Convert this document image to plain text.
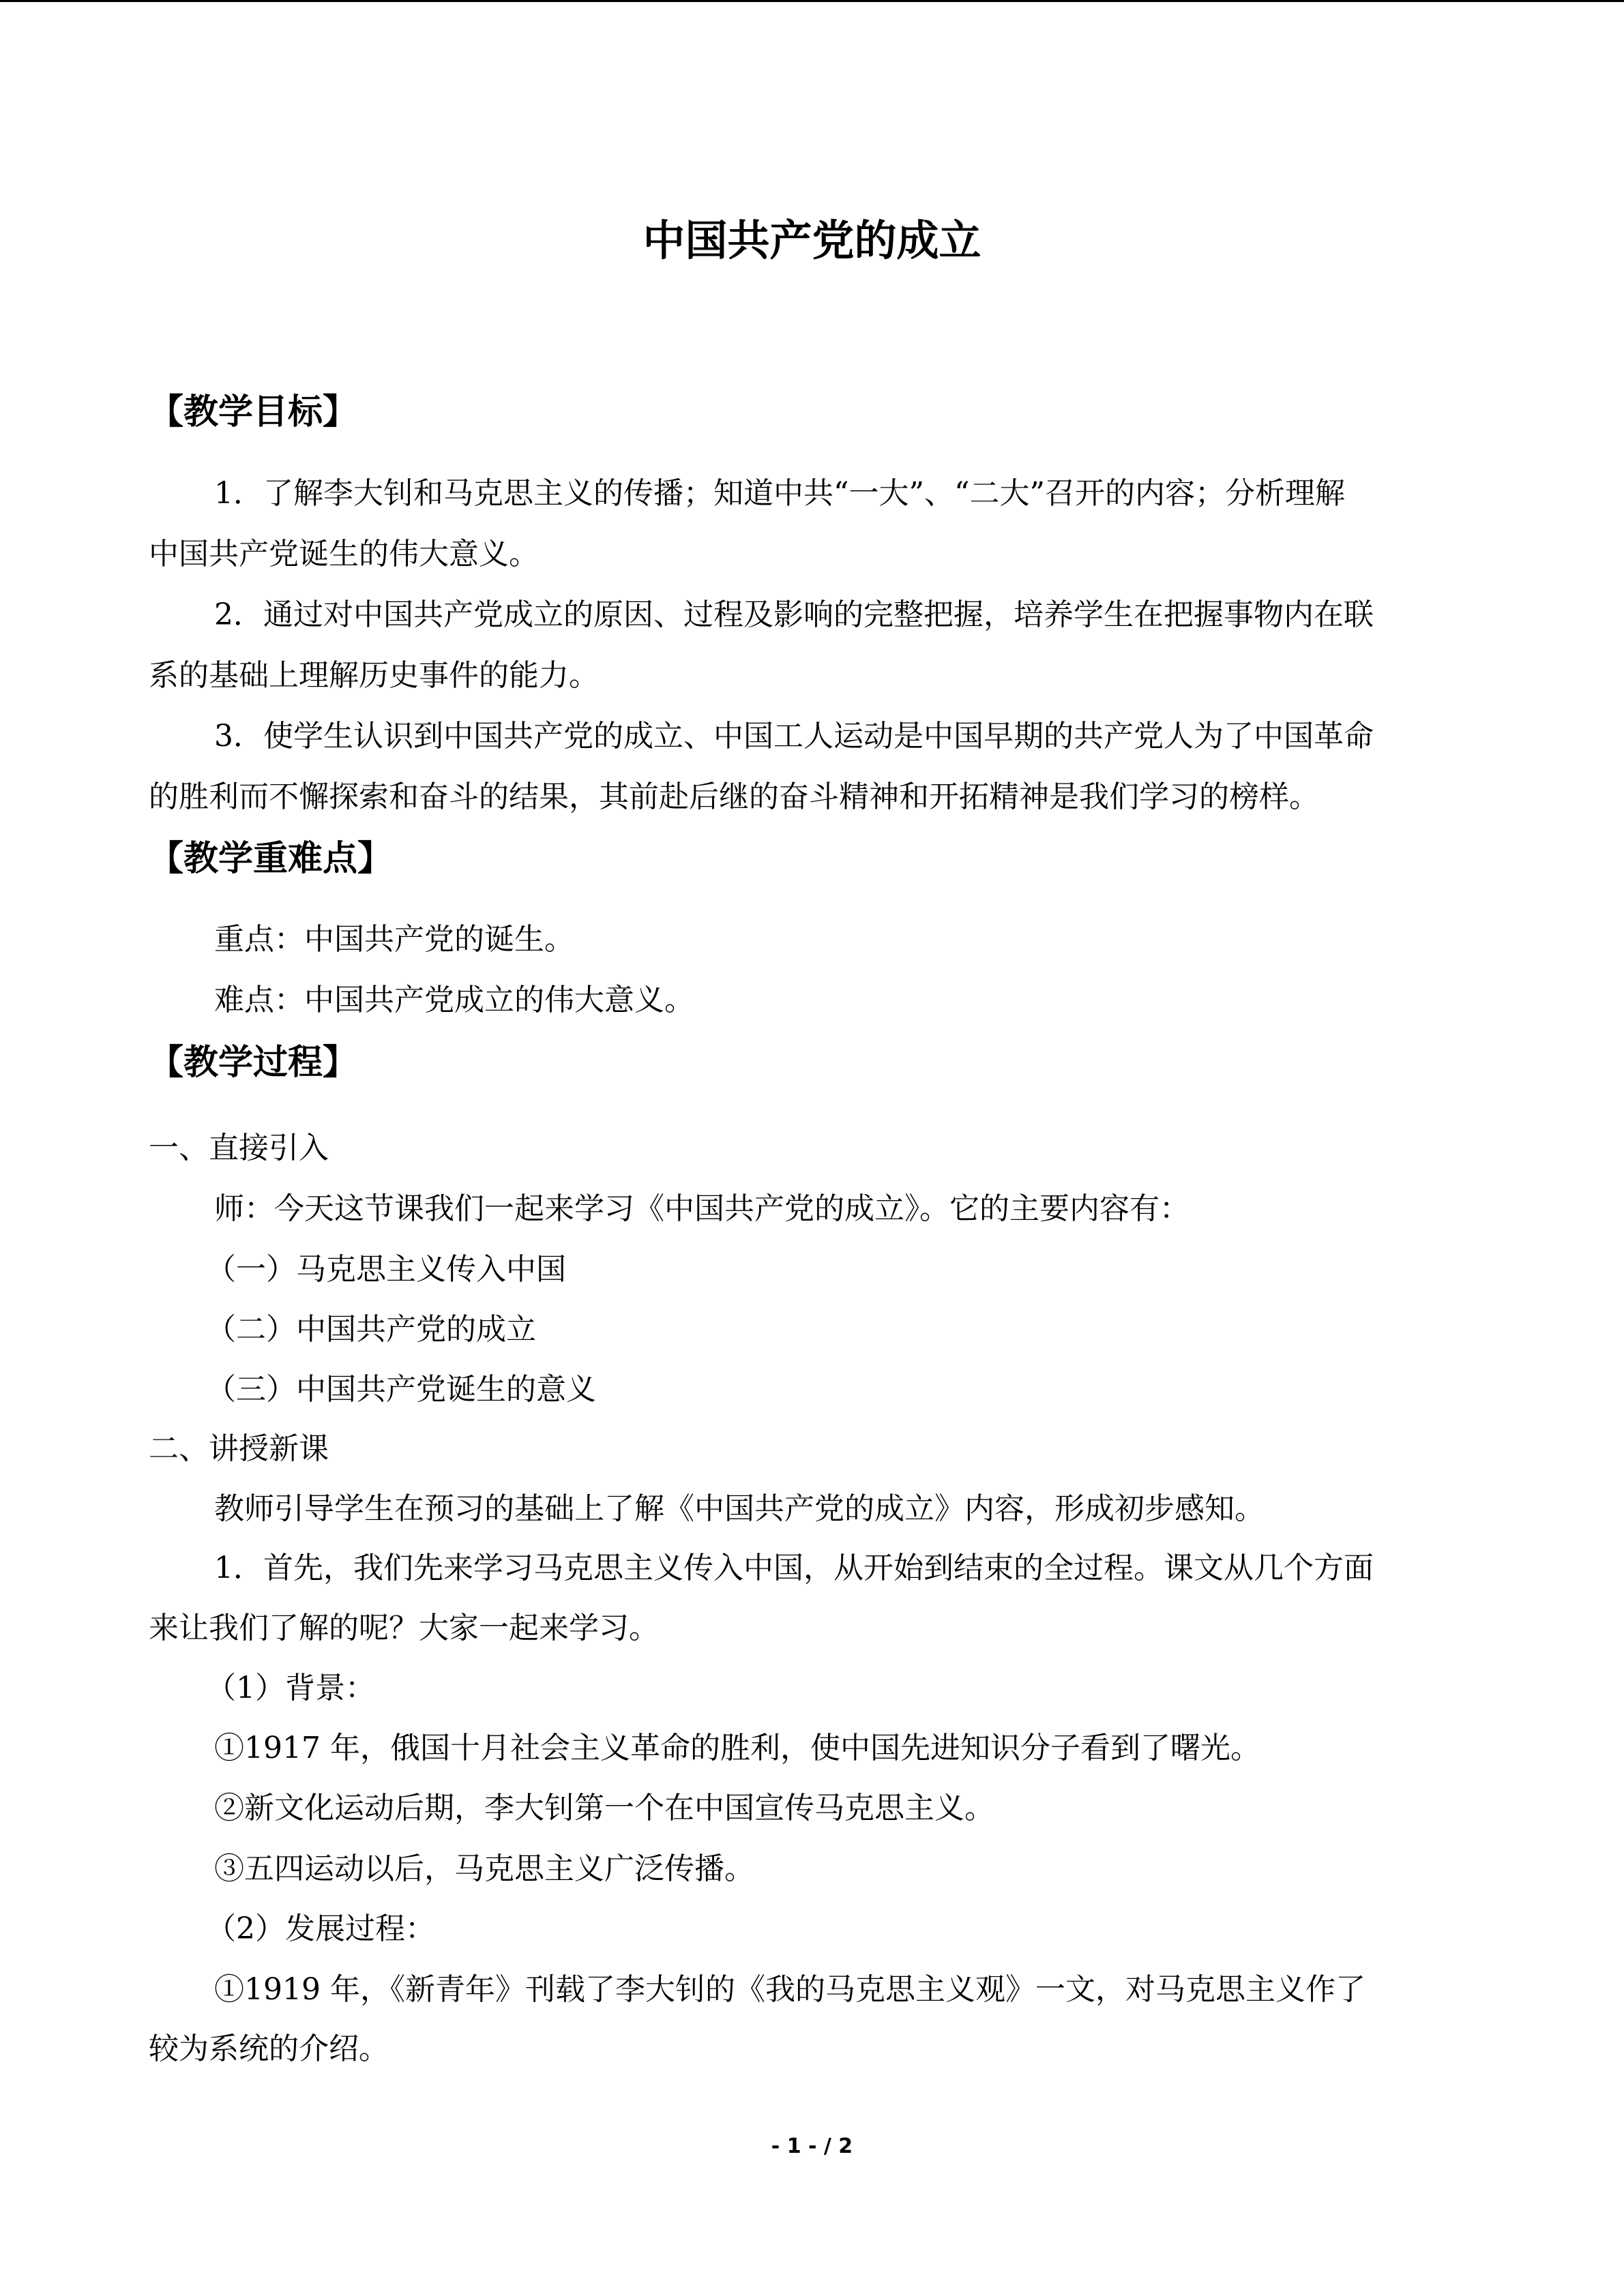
中国共产党的成立
【教学目标】
1．了解李大钊和马克思主义的传播；知道中共“一大”、“二大”召开的内容；分析理解
中国共产党诞生的伟大意义。
2．通过对中国共产党成立的原因、过程及影响的完整把握，培养学生在把握事物内在联
系的基础上理解历史事件的能力。
3．使学生认识到中国共产党的成立、中国工人运动是中国早期的共产党人为了中国革命
的胜利而不懈探索和奋斗的结果，其前赴后继的奋斗精神和开拓精神是我们学习的榜样。
【教学重难点】
重点：中国共产党的诞生。
难点：中国共产党成立的伟大意义。
【教学过程】
一、直接引入
师：今天这节课我们一起来学习《中国共产党的成立》。它的主要内容有：
（一）马克思主义传入中国
（二）中国共产党的成立
（三）中国共产党诞生的意义
二、讲授新课
教师引导学生在预习的基础上了解《中国共产党的成立》内容，形成初步感知。
1．首先，我们先来学习马克思主义传入中国，从开始到结束的全过程。课文从几个方面
来让我们了解的呢？大家一起来学习。
（1）背景：
①1917 年，俄国十月社会主义革命的胜利，使中国先进知识分子看到了曙光。
②新文化运动后期，李大钊第一个在中国宣传马克思主义。
③五四运动以后，马克思主义广泛传播。
（2）发展过程：
①1919 年，《新青年》刊载了李大钊的《我的马克思主义观》一文，对马克思主义作了
较为系统的介绍。
- 1 - / 2
